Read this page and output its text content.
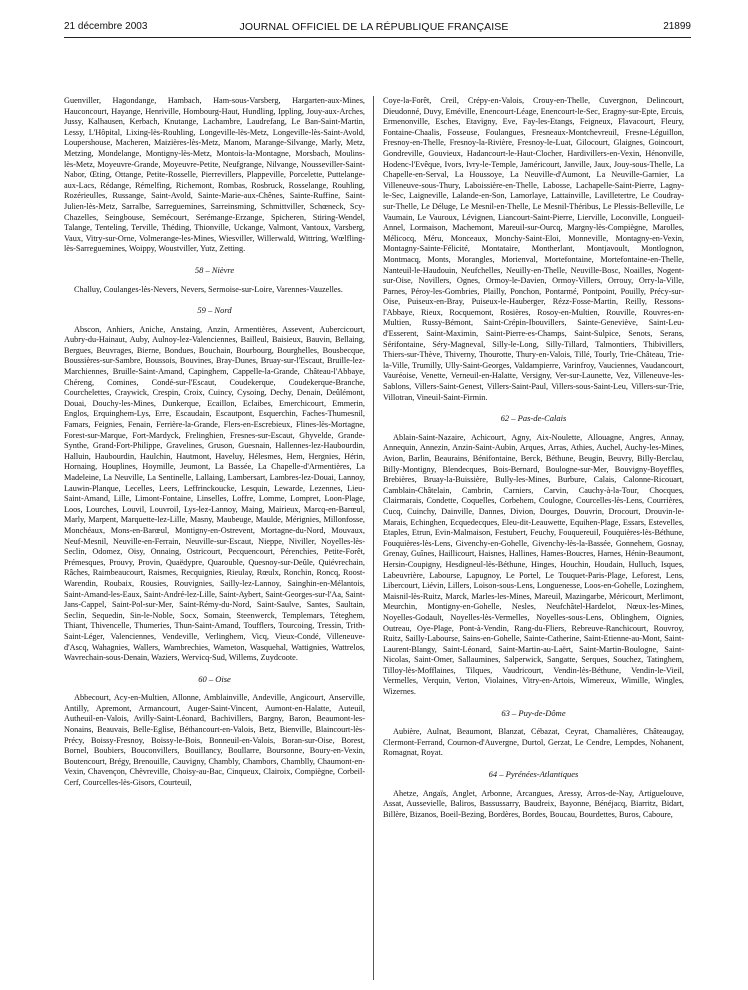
21 décembre 2003	JOURNAL OFFICIEL DE LA RÉPUBLIQUE FRANÇAISE	21899

Guenviller, Hagondange, Hambach, Ham-sous-Varsberg, Hargarten-aux-Mines, Hauconcourt, Hayange, Henriville, Hombourg-Haut, Hundling, Ippling, Jouy-aux-Arches, Jussy, Kalhausen, Kerbach, Knutange, Lachambre, Laudrefang, Le Ban-Saint-Martin, Lessy, L'Hôpital, Lixing-lès-Rouhling, Longeville-lès-Metz, Longeville-lès-Saint-Avold, Loupershouse, Macheren, Maizières-lès-Metz, Manom, Marange-Silvange, Marly, Metz, Metzing, Mondelange, Montigny-lès-Metz, Montois-la-Montagne, Morsbach, Moulins-lès-Metz, Moyeuvre-Grande, Moyeuvre-Petite, Neufgrange, Nilvange, Nousseviller-Saint-Nabor, Œting, Ottange, Petite-Rosselle, Pierrevillers, Plappeville, Porcelette, Puttelange-aux-Lacs, Rédange, Rémelfing, Richemont, Rombas, Rosbruck, Rosselange, Rouhling, Rozérieulles, Russange, Saint-Avold, Sainte-Marie-aux-Chênes, Sainte-Ruffine, Saint-Julien-lès-Metz, Sarralbe, Sarreguemines, Sarreinsming, Schmittviller, Schœneck, Scy-Chazelles, Seingbouse, Semécourt, Serémange-Erzange, Spicheren, Stiring-Wendel, Talange, Tenteling, Terville, Théding, Thionville, Uckange, Valmont, Vantoux, Varsberg, Vaux, Vitry-sur-Orne, Volmerange-les-Mines, Wiesviller, Willerwald, Wittring, Wœlfling-lès-Sarreguemines, Woippy, Woustviller, Yutz, Zetting.

58 – Nièvre

Challuy, Coulanges-lès-Nevers, Nevers, Sermoise-sur-Loire, Varennes-Vauzelles.

59 – Nord

Abscon, Anhiers, Aniche, Anstaing, Anzin, Armentières, Assevent, Aubercicourt, Aubry-du-Hainaut, Auby, Aulnoy-lez-Valenciennes, Bailleul, Baisieux, Bauvin, Bellaing, Bergues, Beuvrages, Bierne, Bondues, Bouchain, Bourbourg, Bourghelles, Bousbecque, Boussières-sur-Sambre, Boussois, Bouvines, Bray-Dunes, Bruay-sur-l'Escaut, Bruille-lez-Marchiennes, Bruille-Saint-Amand, Capinghem, Cappelle-la-Grande, Château-l'Abbaye, Chéreng, Comines, Condé-sur-l'Escaut, Coudekerque, Coudekerque-Branche, Courchelettes, Craywick, Crespin, Croix, Cuincy, Cysoing, Dechy, Denain, Deûlémont, Douai, Douchy-les-Mines, Dunkerque, Ecaillon, Eclaibes, Emerchicourt, Emmerin, Englos, Erquinghem-Lys, Erre, Escaudain, Escautpont, Esquerchin, Faches-Thumesnil, Famars, Feignies, Fenain, Ferrière-la-Grande, Flers-en-Escrebieux, Flines-lès-Mortagne, Forest-sur-Marque, Fort-Mardyck, Frelinghien, Fresnes-sur-Escaut, Ghyvelde, Grande-Synthe, Grand-Fort-Philippe, Gravelines, Gruson, Guesnain, Hallennes-lez-Haubourdin, Halluin, Haubourdin, Haulchin, Hautmont, Haveluy, Hélesmes, Hem, Hergnies, Hérin, Hornaing, Houplines, Hoymille, Jeumont, La Bassée, La Chapelle-d'Armentières, La Madeleine, La Neuville, La Sentinelle, Lallaing, Lambersart, Lambres-lez-Douai, Lannoy, Lauwin-Planque, Lecelles, Leers, Leffrinckoucke, Lesquin, Lewarde, Lezennes, Lieu-Saint-Amand, Lille, Limont-Fontaine, Linselles, Loffre, Lomme, Lompret, Loon-Plage, Loos, Lourches, Louvil, Louvroil, Lys-lez-Lannoy, Maing, Mairieux, Marcq-en-Barœul, Marly, Marpent, Marquette-lez-Lille, Masny, Maubeuge, Maulde, Mérignies, Millonfosse, Monchéaux, Mons-en-Barœul, Montigny-en-Ostrevent, Mortagne-du-Nord, Mouvaux, Neuf-Mesnil, Neuville-en-Ferrain, Neuville-sur-Escaut, Nieppe, Niviller, Noyelles-lès-Seclin, Odomez, Oisy, Onnaing, Ostricourt, Pecquencourt, Pérenchies, Petite-Forêt, Prémesques, Prouvy, Provin, Quaëdypre, Quarouble, Quesnoy-sur-Deûle, Quiévrechain, Râches, Raimbeaucourt, Raismes, Recquignies, Rieulay, Rœulx, Ronchin, Roncq, Roost-Warendin, Roubaix, Rousies, Rouvignies, Sailly-lez-Lannoy, Sainghin-en-Mélantois, Saint-Amand-les-Eaux, Saint-André-lez-Lille, Saint-Aybert, Saint-Georges-sur-l'Aa, Saint-Jans-Cappel, Saint-Pol-sur-Mer, Saint-Rémy-du-Nord, Saint-Saulve, Santes, Saultain, Seclin, Sequedin, Sin-le-Noble, Socx, Somain, Steenwerck, Templemars, Téteghem, Thiant, Thivencelle, Thumeries, Thun-Saint-Amand, Toufflers, Tourcoing, Tressin, Trith-Saint-Léger, Valenciennes, Vendeville, Verlinghem, Vicq, Vieux-Condé, Villeneuve-d'Ascq, Wahagnies, Wallers, Wambrechies, Wameton, Wasquehal, Wattignies, Wattrelos, Wavrechain-sous-Denain, Waziers, Wervicq-Sud, Willems, Zuydcoote.

60 – Oise

Abbecourt, Acy-en-Multien, Allonne, Amblainville, Andeville, Angicourt, Anserville, Antilly, Apremont, Armancourt, Auger-Saint-Vincent, Aumont-en-Halatte, Auteuil, Autheuil-en-Valois, Avilly-Saint-Léonard, Bachivillers, Bargny, Baron, Beaumont-les-Nonains, Beauvais, Belle-Eglise, Béthancourt-en-Valois, Betz, Bienville, Blaincourt-lès-Précy, Boissy-Fresnoy, Boissy-le-Bois, Bonneuil-en-Valois, Boran-sur-Oise, Borest, Bornel, Boubiers, Bouconvillers, Bouillancy, Boullarre, Boursonne, Boury-en-Vexin, Boutencourt, Brégy, Brenouille, Cauvigny, Chambly, Chambors, Chamblly, Chaumont-en-Vexin, Chavençon, Chèvreville, Choisy-au-Bac, Cinqueux, Clairoix, Compiègne, Corbeil-Cerf, Courcelles-lès-Gisors, Courteuil,

Coye-la-Forêt, Creil, Crépy-en-Valois, Crouy-en-Thelle, Cuvergnon, Delincourt, Dieudonné, Duvy, Eméville, Enencourt-Léage, Enencourt-le-Sec, Eragny-sur-Epte, Ercuis, Ermenonville, Esches, Etavigny, Eve, Fay-les-Etangs, Feigneux, Flavacourt, Fleury, Fontaine-Chaalis, Fosseuse, Foulangues, Fresneaux-Montchevreuil, Fresne-Léguillon, Fresnoy-en-Thelle, Fresnoy-la-Rivière, Fresnoy-le-Luat, Gilocourt, Glaignes, Goincourt, Gondreville, Gouvieux, Hadancourt-le-Haut-Clocher, Hardivillers-en-Vexin, Hénonville, Hodenc-l'Evêque, Ivors, Ivry-le-Temple, Jaméricourt, Janville, Jaux, Jouy-sous-Thelle, La Chapelle-en-Serval, La Houssoye, La Neuville-d'Aumont, La Neuville-Garnier, La Villeneuve-sous-Thury, Laboissière-en-Thelle, Labosse, Lachapelle-Saint-Pierre, Lagny-le-Sec, Laigneville, Lalande-en-Son, Lamorlaye, Lattainville, Lavilletertre, Le Coudray-sur-Thelle, Le Déluge, Le Mesnil-en-Thelle, Le Mesnil-Théribus, Le Plessis-Belleville, Le Vaumain, Le Vauroux, Lévignen, Liancourt-Saint-Pierre, Lierville, Loconville, Longueil-Annel, Lormaison, Machemont, Mareuil-sur-Ourcq, Margny-lès-Compiègne, Marolles, Mélicocq, Méru, Monceaux, Monchy-Saint-Eloi, Monneville, Montagny-en-Vexin, Montagny-Sainte-Félicité, Montataire, Montherlant, Montjavoult, Montlognon, Montmacq, Monts, Morangles, Morienval, Mortefontaine, Mortefontaine-en-Thelle, Nanteuil-le-Haudouin, Neufchelles, Neuilly-en-Thelle, Neuville-Bosc, Noailles, Nogent-sur-Oise, Novillers, Ognes, Ormoy-le-Davien, Ormoy-Villers, Orrouy, Orry-la-Ville, Parnes, Péroy-les-Gombries, Plailly, Ponchon, Pontarmé, Pontpoint, Pouilly, Précy-sur-Oise, Puiseux-en-Bray, Puiseux-le-Hauberger, Rézz-Fosse-Martin, Reilly, Ressons-l'Abbaye, Rieux, Rocquemont, Rosières, Rosoy-en-Multien, Rouville, Rouvres-en-Multien, Russy-Bémont, Saint-Crépin-Ibouvillers, Sainte-Geneviève, Saint-Leu-d'Esserent, Saint-Maximin, Saint-Pierre-es-Champs, Saint-Sulpice, Senots, Serans, Sérifontaine, Séry-Magneval, Silly-le-Long, Silly-Tillard, Talmontiers, Thibivillers, Thiers-sur-Thève, Thiverny, Thourotte, Thury-en-Valois, Tillé, Tourly, Trie-Château, Trie-la-Ville, Trumilly, Ully-Saint-Georges, Valdampierre, Varinfroy, Vauciennes, Vaudancourt, Vauréoise, Venette, Verneuil-en-Halatte, Versigny, Ver-sur-Launette, Vez, Villeneuve-les-Sablons, Villers-Saint-Genest, Villers-Saint-Paul, Villers-sous-Saint-Leu, Villers-sur-Trie, Villotran, Vineuil-Saint-Firmin.

62 – Pas-de-Calais

Ablain-Saint-Nazaire, Achicourt, Agny, Aix-Noulette, Allouagne, Angres, Annay, Annequin, Annezin, Anzin-Saint-Aubin, Arques, Arras, Athies, Auchel, Auchy-les-Mines, Avion, Barlin, Beaurains, Bénifontaine, Berck, Béthune, Beugin, Beuvry, Billy-Berclau, Billy-Montigny, Blendecques, Bois-Bernard, Boulogne-sur-Mer, Bouvigny-Boyeffles, Brebières, Bruay-la-Buissière, Bully-les-Mines, Burbure, Calais, Calonne-Ricouart, Camblain-Châtelain, Cambrin, Carniers, Carvin, Cauchy-à-la-Tour, Chocques, Clairmarais, Condette, Coquelles, Corbehem, Coulogne, Courcelles-lès-Lens, Courrières, Cucq, Cuinchy, Dainville, Dannes, Divion, Dourges, Douvrin, Drocourt, Drouvin-le-Marais, Echinghen, Ecquedecques, Eleu-dit-Leauwette, Equihen-Plage, Essars, Estevelles, Etaples, Etrun, Evin-Malmaison, Festubert, Feuchy, Fouquereuil, Fouquières-lès-Béthune, Fouquières-lès-Lens, Givenchy-en-Gohelle, Givenchy-lès-la-Bassée, Gonnehem, Gosnay, Grenay, Guînes, Haillicourt, Haisnes, Hallines, Hames-Boucres, Harnes, Hénin-Beaumont, Hersin-Coupigny, Hesdigneul-lès-Béthune, Hinges, Houchin, Houdain, Hulluch, Isques, Labeuvrière, Labourse, Lapugnoy, Le Portel, Le Touquet-Paris-Plage, Leforest, Lens, Libercourt, Liévin, Lillers, Loison-sous-Lens, Longuenesse, Loos-en-Gohelle, Lozinghem, Maisnil-lès-Ruitz, Marck, Marles-les-Mines, Mareuil, Mazingarbe, Méricourt, Merlimont, Meurchin, Montigny-en-Gohelle, Nesles, Neufchâtel-Hardelot, Nœux-les-Mines, Noyelles-Godault, Noyelles-lès-Vermelles, Noyelles-sous-Lens, Oblinghem, Oignies, Outreau, Oye-Plage, Pont-à-Vendin, Rang-du-Fliers, Rebreuve-Ranchicourt, Rouvroy, Ruitz, Sailly-Labourse, Sains-en-Gohelle, Sainte-Catherine, Saint-Etienne-au-Mont, Saint-Laurent-Blangy, Saint-Léonard, Saint-Martin-au-Laërt, Saint-Martin-Boulogne, Saint-Nicolas, Saint-Omer, Sallaumines, Salperwick, Sangatte, Serques, Souchez, Tatinghem, Tilloy-lès-Mofflaines, Tilques, Vaudricourt, Vendin-lès-Béthune, Vendin-le-Vieil, Vermelles, Verquin, Verton, Violaines, Vitry-en-Artois, Wimereux, Wimille, Wingles, Wizernes.

63 – Puy-de-Dôme

Aubière, Aulnat, Beaumont, Blanzat, Cébazat, Ceyrat, Chamalières, Châteaugay, Clermont-Ferrand, Cournon-d'Auvergne, Durtol, Gerzat, Le Cendre, Lempdes, Nohanent, Romagnat, Royat.

64 – Pyrénées-Atlantiques

Ahetze, Angaïs, Anglet, Arbonne, Arcangues, Aressy, Arros-de-Nay, Artiguelouve, Assat, Aussevielle, Baliros, Bassussarry, Baudreix, Bayonne, Bénéjacq, Biarritz, Bidart, Billère, Bizanos, Boeil-Bezing, Bordères, Bordes, Boucau, Bourdettes, Buros, Caboure,
